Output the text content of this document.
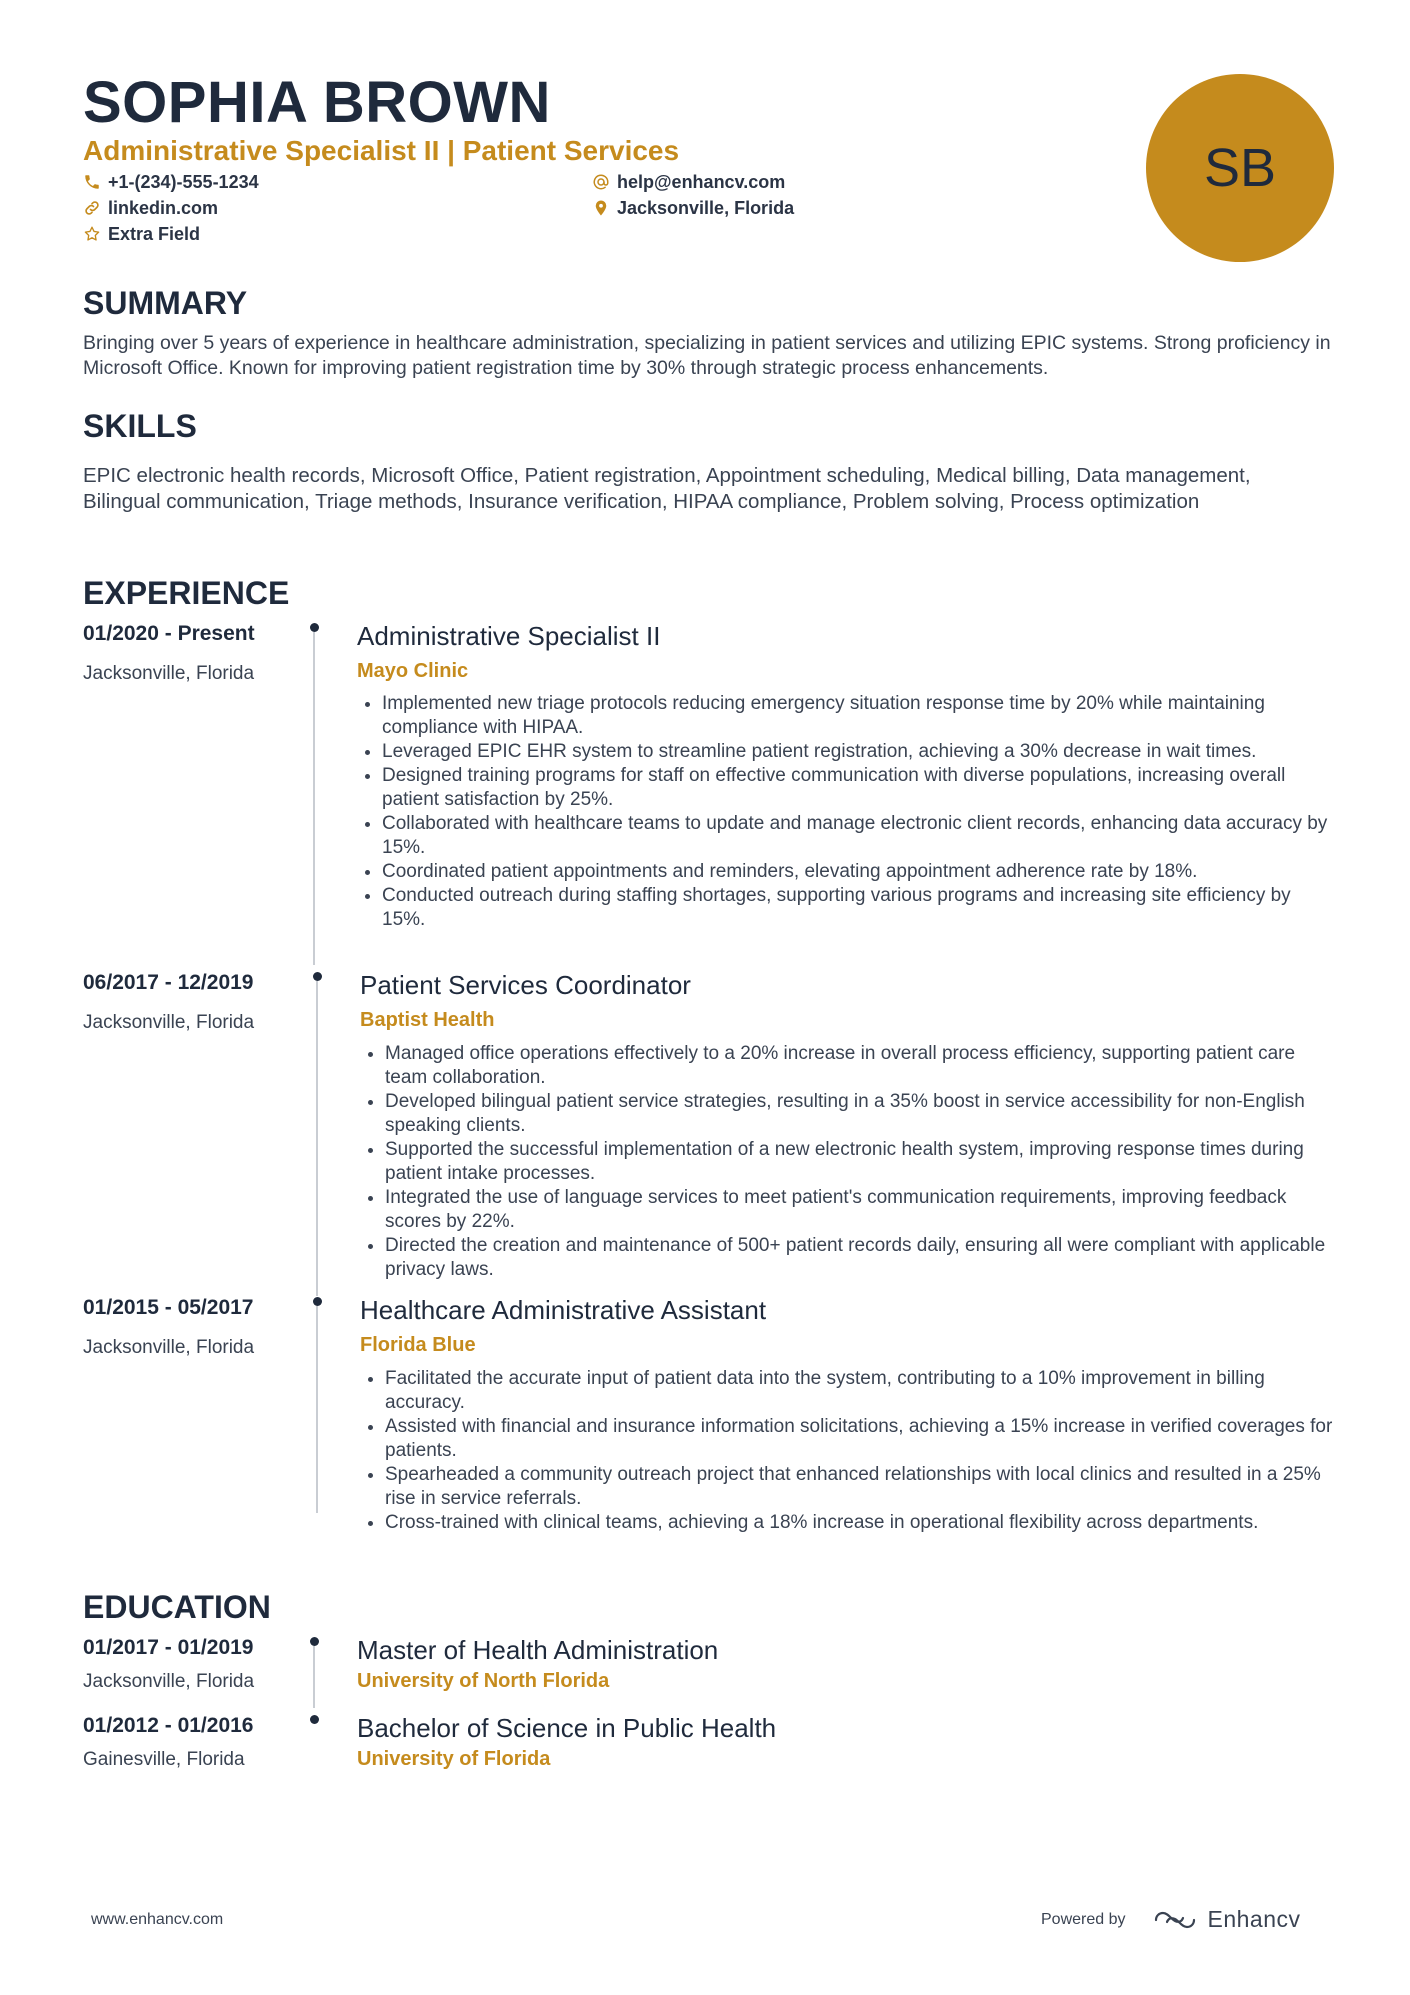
SOPHIA BROWN
Administrative Specialist II | Patient Services
+1-(234)-555-1234	help@enhancv.com
linkedin.com	Jacksonville, Florida
Extra Field
SB
SUMMARY
Bringing over 5 years of experience in healthcare administration, specializing in patient services and utilizing EPIC systems. Strong proficiency in Microsoft Office. Known for improving patient registration time by 30% through strategic process enhancements.
SKILLS
EPIC electronic health records, Microsoft Office, Patient registration, Appointment scheduling, Medical billing, Data management, Bilingual communication, Triage methods, Insurance verification, HIPAA compliance, Problem solving, Process optimization
EXPERIENCE
01/2020 - Present
Jacksonville, Florida
Administrative Specialist II
Mayo Clinic
Implemented new triage protocols reducing emergency situation response time by 20% while maintaining compliance with HIPAA.
Leveraged EPIC EHR system to streamline patient registration, achieving a 30% decrease in wait times.
Designed training programs for staff on effective communication with diverse populations, increasing overall patient satisfaction by 25%.
Collaborated with healthcare teams to update and manage electronic client records, enhancing data accuracy by 15%.
Coordinated patient appointments and reminders, elevating appointment adherence rate by 18%.
Conducted outreach during staffing shortages, supporting various programs and increasing site efficiency by 15%.
06/2017 - 12/2019
Jacksonville, Florida
Patient Services Coordinator
Baptist Health
Managed office operations effectively to a 20% increase in overall process efficiency, supporting patient care team collaboration.
Developed bilingual patient service strategies, resulting in a 35% boost in service accessibility for non-English speaking clients.
Supported the successful implementation of a new electronic health system, improving response times during patient intake processes.
Integrated the use of language services to meet patient's communication requirements, improving feedback scores by 22%.
Directed the creation and maintenance of 500+ patient records daily, ensuring all were compliant with applicable privacy laws.
01/2015 - 05/2017
Jacksonville, Florida
Healthcare Administrative Assistant
Florida Blue
Facilitated the accurate input of patient data into the system, contributing to a 10% improvement in billing accuracy.
Assisted with financial and insurance information solicitations, achieving a 15% increase in verified coverages for patients.
Spearheaded a community outreach project that enhanced relationships with local clinics and resulted in a 25% rise in service referrals.
Cross-trained with clinical teams, achieving a 18% increase in operational flexibility across departments.
EDUCATION
01/2017 - 01/2019
Jacksonville, Florida
Master of Health Administration
University of North Florida
01/2012 - 01/2016
Gainesville, Florida
Bachelor of Science in Public Health
University of Florida
www.enhancv.com	Powered by	Enhancv
